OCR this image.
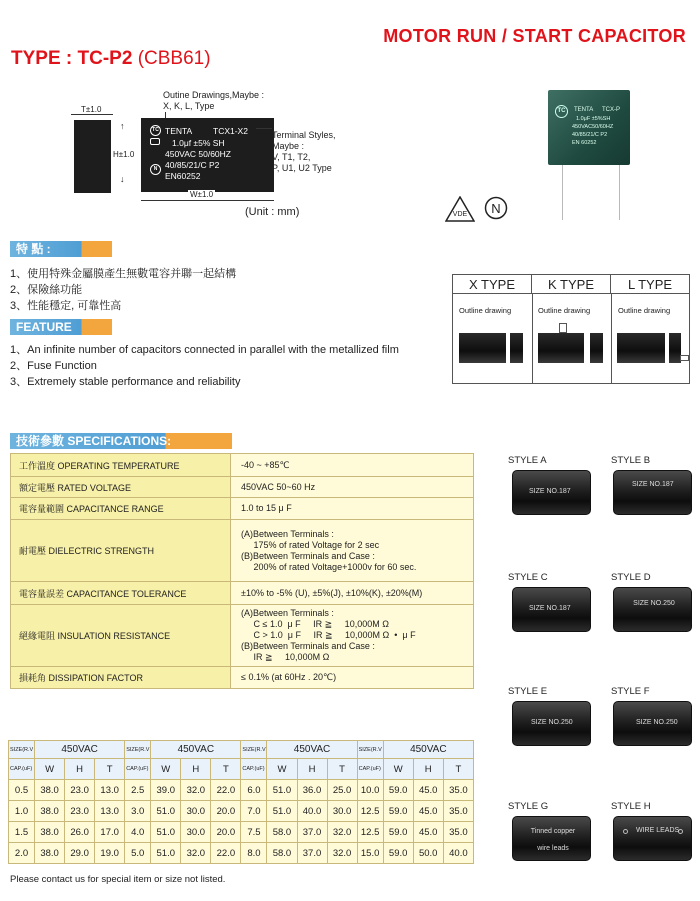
MOTOR RUN / START CAPACITOR
TYPE : TC-P2 (CBB61)
T±1.0
↑
H±1.0
↓
Outine Drawings,Maybe :
X, K, L, Type
TC TENTA TCX1-X2
1.0μf ±5% SH
450VAC 50/60HZ
40/85/21/C P2
N
EN60252
Terminal Styles,
Maybe :
V, T1, T2,
P, U1, U2 Type
W±1.0
(Unit : mm)
TC	TENTA TCX-P
1.0μF ±5%SH
450VAC50/60HZ
40/85/21/C P2
EN 60252
VDE N
特 點 :
1、使用特殊金屬膜產生無數電容并聯一起結構
2、保險絲功能
3、性能穩定, 可靠性高
FEATURE
1、An infinite number of capacitors connected in parallel with the metallized film
2、Fuse Function
3、Extremely stable performance and reliability
X TYPE	K TYPE	L TYPE
Outline drawing	Outline drawing	Outline drawing
技術參數 SPECIFICATIONS:
工作溫度 OPERATING TEMPERATURE	-40 ~ +85℃

額定電壓 RATED VOLTAGE	450VAC 50~60 Hz

電容量範圍 CAPACITANCE RANGE	1.0 to 15 μ F

耐電壓 DIELECTRIC STRENGTH	(A)Between Terminals :
175% of rated Voltage for 2 sec
(B)Between Terminals and Case :
200% of rated Voltage+1000v for 60 sec.

電容量誤差 CAPACITANCE TOLERANCE	±10% to -5% (U), ±5%(J), ±10%(K), ±20%(M)

絕緣電阻 INSULATION RESISTANCE	(A)Between Terminals :
C ≤ 1.0  μ F     IR ≧     10,000M Ω
C > 1.0  μ F     IR ≧     10,000M Ω  •  μ F
(B)Between Terminals and Case :
IR ≧     10,000M Ω

損耗角 DISSIPATION FACTOR	≤ 0.1% (at 60Hz . 20℃)
STYLE A
SIZE NO.187
STYLE B
SIZE NO.187
STYLE C
SIZE NO.187
STYLE D
SIZE NO.250
STYLE E
SIZE NO.250
STYLE F
SIZE NO.250
STYLE G
Tinned copper wire leads
STYLE H
WIRE LEADS
SIZE(R.V	450VAC			SIZE(R.V	450VAC			SIZE(R.V	450VAC			SIZE(R.V	450VAC		
CAP.(uF)	W	H	T	CAP.(uF)	W	H	T	CAP.(uF)	W	H	T	CAP.(uF)	W	H	T
0.5	38.0	23.0	13.0	2.5	39.0	32.0	22.0	6.0	51.0	36.0	25.0	10.0	59.0	45.0	35.0
1.0	38.0	23.0	13.0	3.0	51.0	30.0	20.0	7.0	51.0	40.0	30.0	12.5	59.0	45.0	35.0
1.5	38.0	26.0	17.0	4.0	51.0	30.0	20.0	7.5	58.0	37.0	32.0	12.5	59.0	45.0	35.0
2.0	38.0	29.0	19.0	5.0	51.0	32.0	22.0	8.0	58.0	37.0	32.0	15.0	59.0	50.0	40.0
Please contact us for special item or size not listed.
